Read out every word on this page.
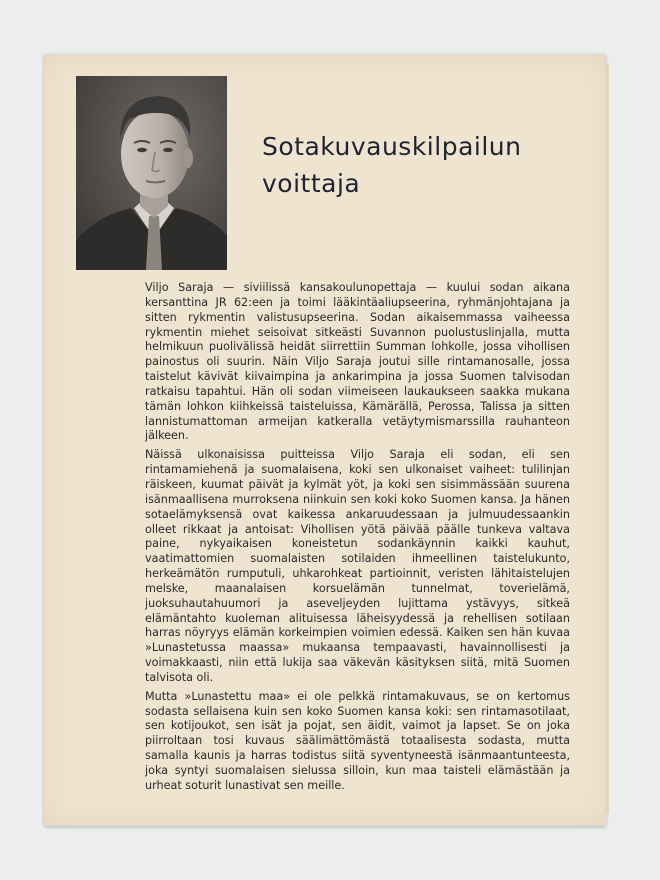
Sotakuvauskilpailun
voittaja

Viljo Saraja — siviilissä kansakoulunopettaja — kuului sodan aikana kersanttina JR 62:een ja toimi lääkintäaliupseerina, ryhmänjohtajana ja sitten rykmentin valistusupseerina. Sodan aikaisemmassa vaiheessa rykmentin miehet seisoivat sitkeästi Suvannon puolustuslinjalla, mutta helmikuun puolivälissä heidät siirrettiin Summan lohkolle, jossa vihollisen painostus oli suurin. Näin Viljo Saraja joutui sille rintamanosalle, jossa taistelut kävivät kiivaimpina ja ankarimpina ja jossa Suomen talvisodan ratkaisu tapahtui. Hän oli sodan viimeiseen laukaukseen saakka mukana tämän lohkon kiihkeissä taisteluissa, Kämärällä, Perossa, Talissa ja sitten lannistumattoman armeijan katkeralla vetäytymismarssilla rauhanteon jälkeen.

Näissä ulkonaisissa puitteissa Viljo Saraja eli sodan, eli sen rintamamiehenä ja suomalaisena, koki sen ulkonaiset vaiheet: tulilinjan räiskeen, kuumat päivät ja kylmät yöt, ja koki sen sisimmässään suurena isänmaallisena murroksena niinkuin sen koki koko Suomen kansa. Ja hänen sotaelämyksensä ovat kaikessa ankaruudessaan ja julmuudessaankin olleet rikkaat ja antoisat: Vihollisen yötä päivää päälle tunkeva valtava paine, nykyaikaisen koneistetun sodankäynnin kaikki kauhut, vaatimattomien suomalaisten sotilaiden ihmeellinen taistelukunto, herkeämätön rumputuli, uhkarohkeat partioinnit, veristen lähitaistelujen melske, maanalaisen korsuelämän tunnelmat, toverielämä, juoksuhautahuumori ja aseveljeyden lujittama ystävyys, sitkeä elämäntahto kuoleman alituisessa läheisyydessä ja rehellisen sotilaan harras nöyryys elämän korkeimpien voimien edessä. Kaiken sen hän kuvaa »Lunastetussa maassa» mukaansa tempaavasti, havainnollisesti ja voimakkaasti, niin että lukija saa väkevän käsityksen siitä, mitä Suomen talvisota oli.

Mutta »Lunastettu maa» ei ole pelkkä rintamakuvaus, se on kertomus sodasta sellaisena kuin sen koko Suomen kansa koki: sen rintamasotilaat, sen kotijoukot, sen isät ja pojat, sen äidit, vaimot ja lapset. Se on joka piirroltaan tosi kuvaus säälimättömästä totaalisesta sodasta, mutta samalla kaunis ja harras todistus siitä syventyneestä isänmaantunteesta, joka syntyi suomalaisen sielussa silloin, kun maa taisteli elämästään ja urheat soturit lunastivat sen meille.
